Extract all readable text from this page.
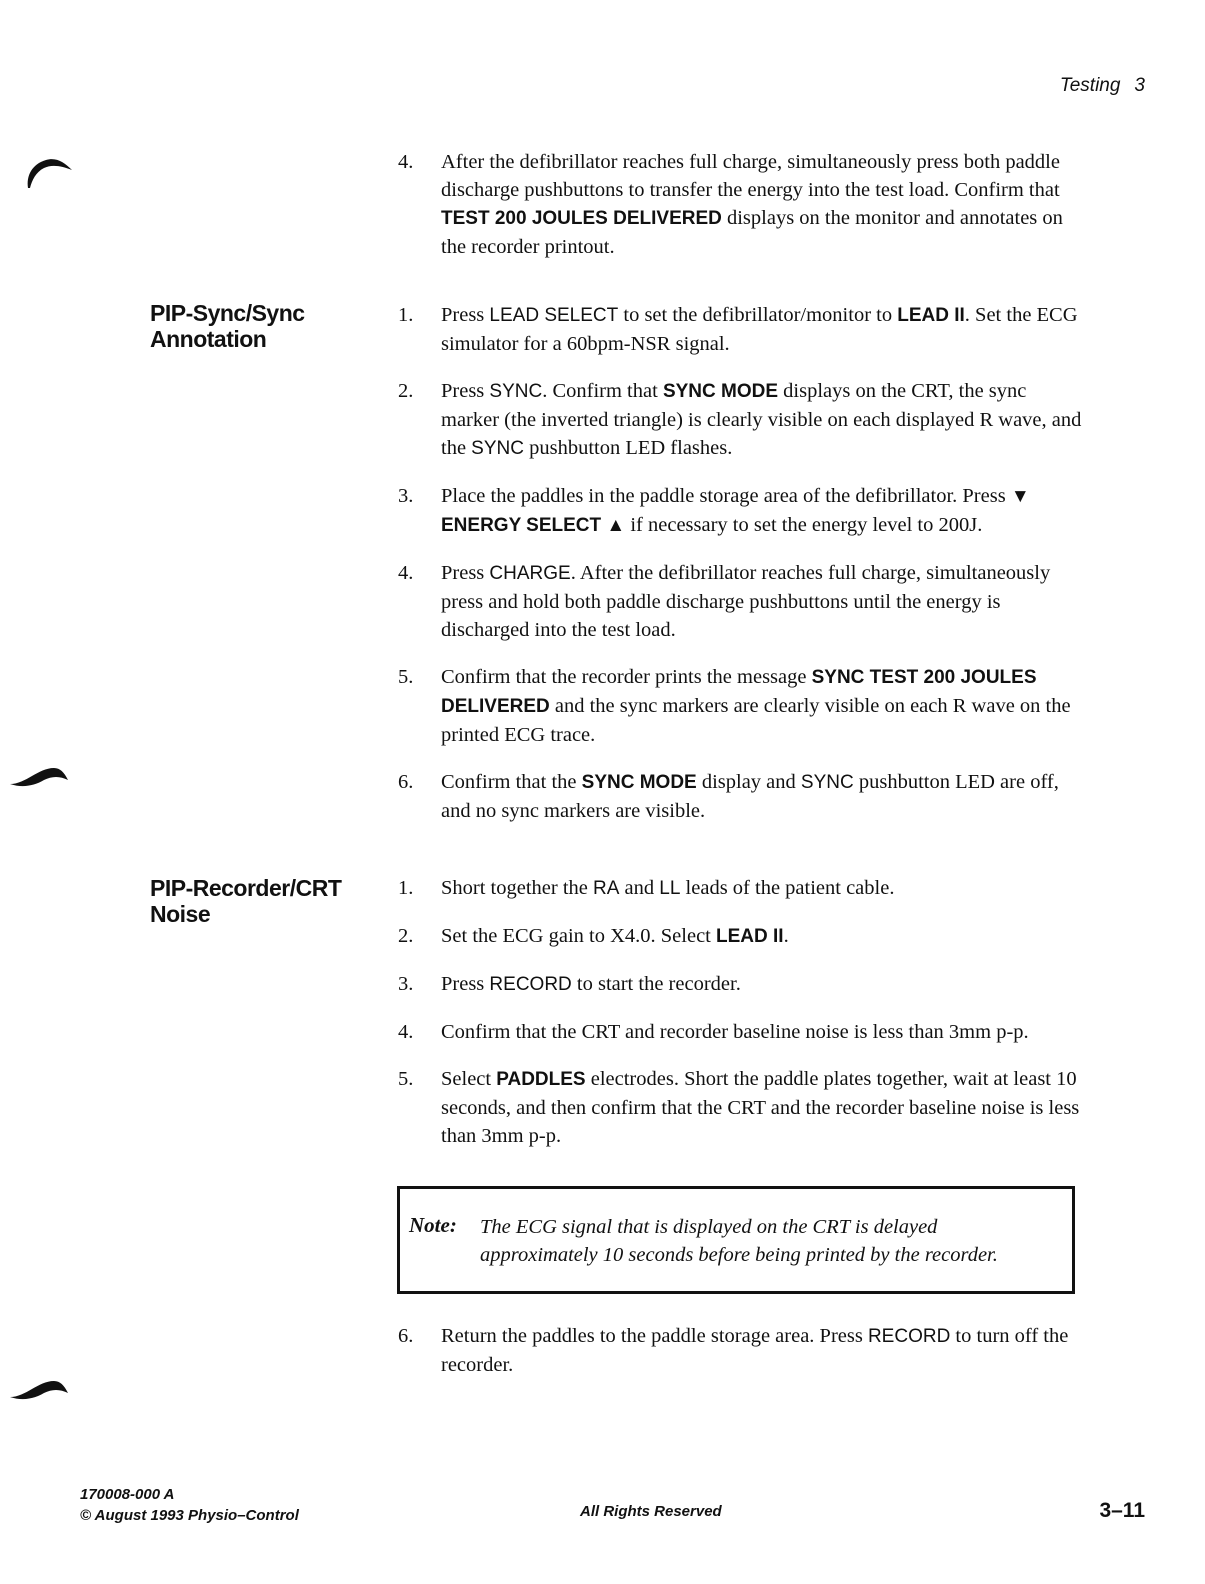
Testing 3
4. After the defibrillator reaches full charge, simultaneously press both paddle discharge pushbuttons to transfer the energy into the test load. Confirm that TEST 200 JOULES DELIVERED displays on the monitor and annotates on the recorder printout.
PIP-Sync/Sync
Annotation
1. Press LEAD SELECT to set the defibrillator/monitor to LEAD II. Set the ECG simulator for a 60bpm-NSR signal.
2. Press SYNC. Confirm that SYNC MODE displays on the CRT, the sync marker (the inverted triangle) is clearly visible on each displayed R wave, and the SYNC pushbutton LED flashes.
3. Place the paddles in the paddle storage area of the defibrillator. Press ▼ ENERGY SELECT ▲ if necessary to set the energy level to 200J.
4. Press CHARGE. After the defibrillator reaches full charge, simultaneously press and hold both paddle discharge pushbuttons until the energy is discharged into the test load.
5. Confirm that the recorder prints the message SYNC TEST 200 JOULES DELIVERED and the sync markers are clearly visible on each R wave on the printed ECG trace.
6. Confirm that the SYNC MODE display and SYNC pushbutton LED are off, and no sync markers are visible.
PIP-Recorder/CRT
Noise
1. Short together the RA and LL leads of the patient cable.
2. Set the ECG gain to X4.0. Select LEAD II.
3. Press RECORD to start the recorder.
4. Confirm that the CRT and recorder baseline noise is less than 3mm p-p.
5. Select PADDLES electrodes. Short the paddle plates together, wait at least 10 seconds, and then confirm that the CRT and the recorder baseline noise is less than 3mm p-p.
Note: The ECG signal that is displayed on the CRT is delayed approximately 10 seconds before being printed by the recorder.
6. Return the paddles to the paddle storage area. Press RECORD to turn off the recorder.
170008-000 A
© August 1993 Physio–Control	All Rights Reserved	3–11
